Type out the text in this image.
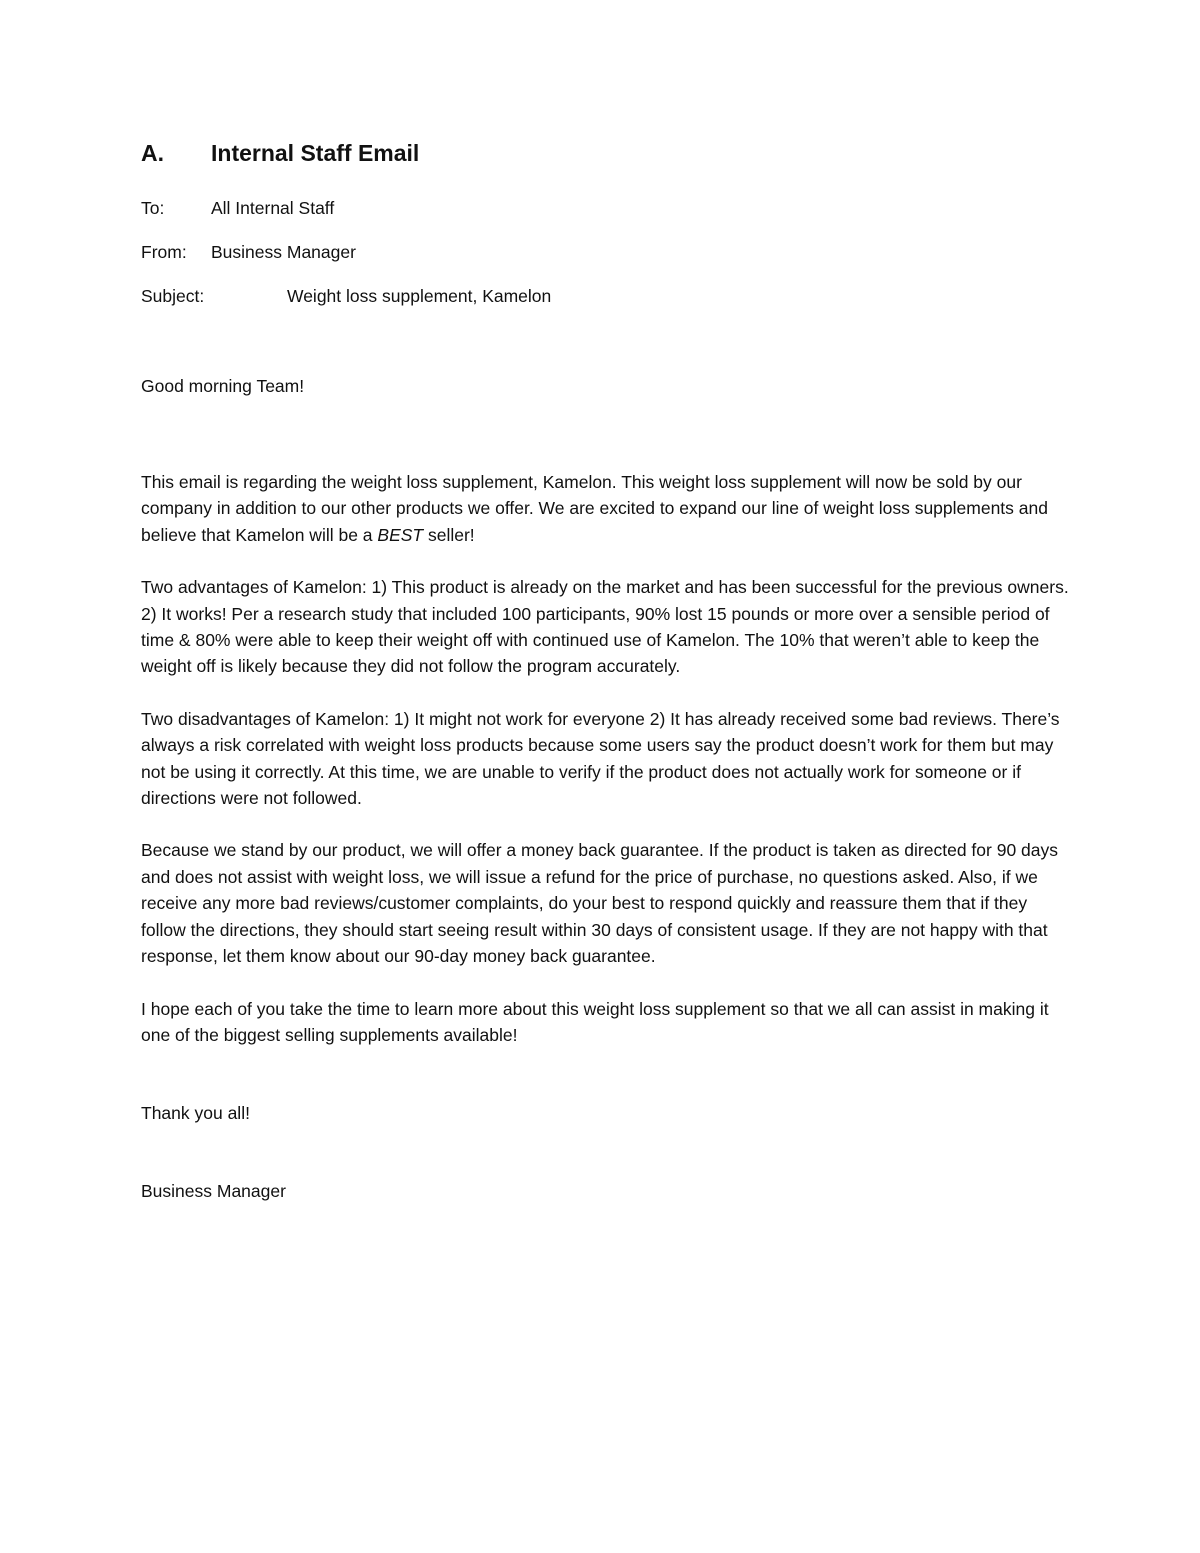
A.	Internal Staff Email
To:	All Internal Staff
From:	Business Manager
Subject:	Weight loss supplement, Kamelon
Good morning Team!

This email is regarding the weight loss supplement, Kamelon. This weight loss supplement will now be sold by our company in addition to our other products we offer. We are excited to expand our line of weight loss supplements and believe that Kamelon will be a BEST seller!

Two advantages of Kamelon: 1) This product is already on the market and has been successful for the previous owners. 2) It works! Per a research study that included 100 participants, 90% lost 15 pounds or more over a sensible period of time & 80% were able to keep their weight off with continued use of Kamelon. The 10% that weren’t able to keep the weight off is likely because they did not follow the program accurately.

Two disadvantages of Kamelon: 1) It might not work for everyone 2) It has already received some bad reviews. There’s always a risk correlated with weight loss products because some users say the product doesn’t work for them but may not be using it correctly. At this time, we are unable to verify if the product does not actually work for someone or if directions were not followed.

Because we stand by our product, we will offer a money back guarantee. If the product is taken as directed for 90 days and does not assist with weight loss, we will issue a refund for the price of purchase, no questions asked. Also, if we receive any more bad reviews/customer complaints, do your best to respond quickly and reassure them that if they follow the directions, they should start seeing result within 30 days of consistent usage. If they are not happy with that response, let them know about our 90-day money back guarantee.

I hope each of you take the time to learn more about this weight loss supplement so that we all can assist in making it one of the biggest selling supplements available!

Thank you all!
Business Manager
